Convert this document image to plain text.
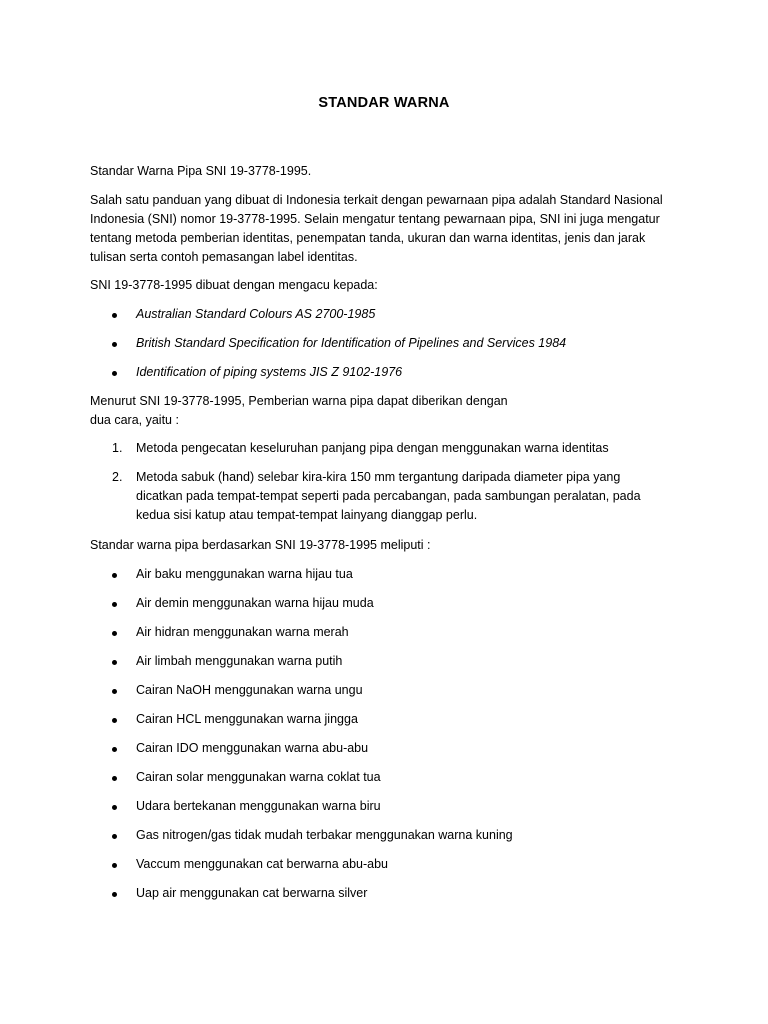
STANDAR WARNA
Standar Warna Pipa SNI 19-3778-1995.
Salah satu panduan yang dibuat di Indonesia terkait dengan pewarnaan pipa adalah Standard Nasional
Indonesia (SNI) nomor 19-3778-1995. Selain mengatur tentang pewarnaan pipa, SNI ini juga mengatur
tentang metoda pemberian identitas, penempatan tanda, ukuran dan warna identitas, jenis dan jarak
tulisan serta contoh pemasangan label identitas.
SNI 19-3778-1995 dibuat dengan mengacu kepada:
Australian Standard Colours AS 2700-1985
British Standard Specification for Identification of Pipelines and Services 1984
Identification of piping systems JIS Z 9102-1976
Menurut SNI 19-3778-1995, Pemberian warna pipa dapat diberikan dengan
dua cara, yaitu :
1. Metoda pengecatan keseluruhan panjang pipa dengan menggunakan warna identitas
2. Metoda sabuk (hand) selebar kira-kira 150 mm tergantung daripada diameter pipa yang
dicatkan pada tempat-tempat seperti pada percabangan, pada sambungan peralatan, pada
kedua sisi katup atau tempat-tempat lainyang dianggap perlu.
Standar warna pipa berdasarkan SNI 19-3778-1995 meliputi :
Air baku menggunakan warna hijau tua
Air demin menggunakan warna hijau muda
Air hidran menggunakan warna merah
Air limbah menggunakan warna putih
Cairan NaOH menggunakan warna ungu
Cairan HCL menggunakan warna jingga
Cairan IDO menggunakan warna abu-abu
Cairan solar menggunakan warna coklat tua
Udara bertekanan menggunakan warna biru
Gas nitrogen/gas tidak mudah terbakar menggunakan warna kuning
Vaccum menggunakan cat berwarna abu-abu
Uap air menggunakan cat berwarna silver
